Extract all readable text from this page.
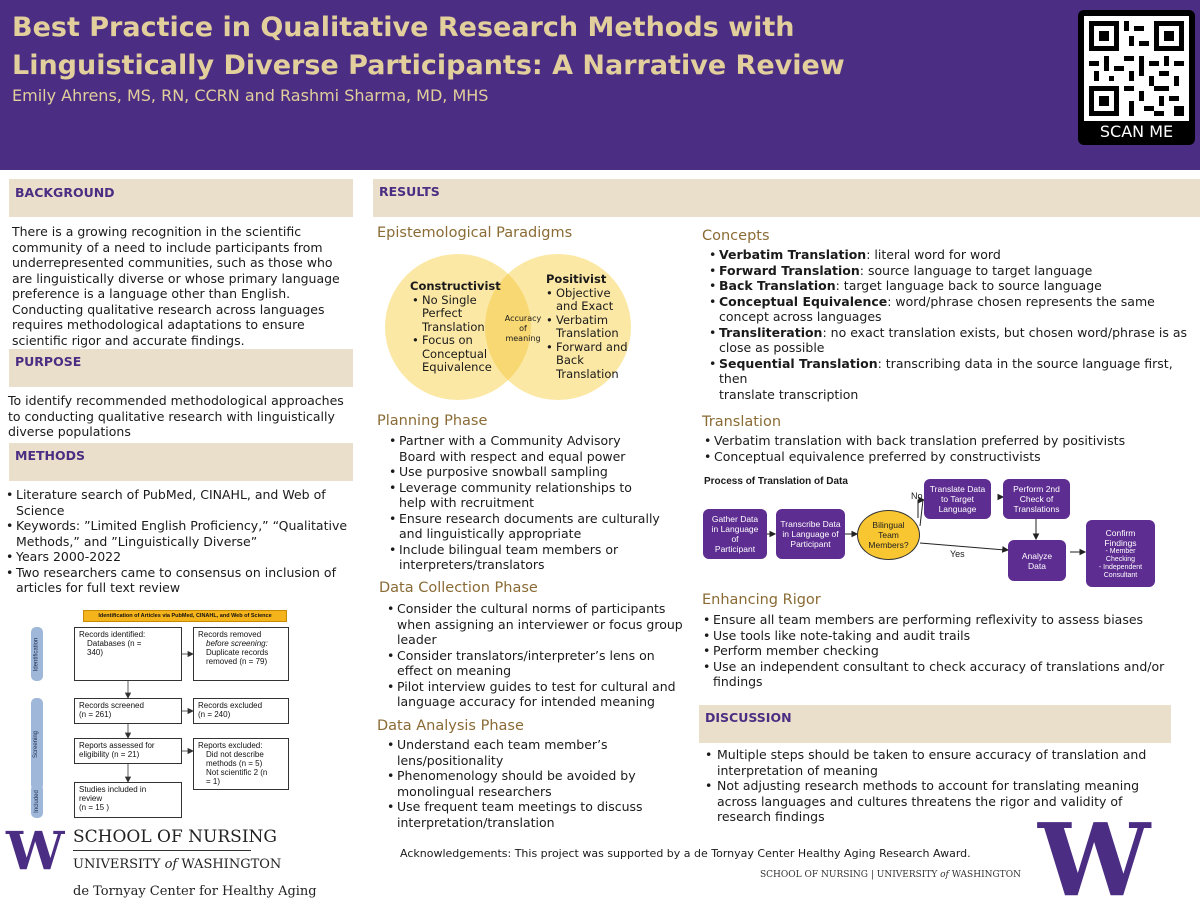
Best Practice in Qualitative Research Methods with
Linguistically Diverse Participants: A Narrative Review
Emily Ahrens, MS, RN, CCRN and Rashmi Sharma, MD, MHS
SCAN ME
BACKGROUND
There is a growing recognition in the scientific
community of a need to include participants from
underrepresented communities, such as those who
are linguistically diverse or whose primary language
preference is a language other than English.
Conducting qualitative research across languages
requires methodological adaptations to ensure
scientific rigor and accurate findings.
PURPOSE
To identify recommended methodological approaches
to conducting qualitative research with linguistically
diverse populations
METHODS
• Literature search of PubMed, CINAHL, and Web of
Science
• Keywords: ”Limited English Proficiency,” “Qualitative
Methods,” and ”Linguistically Diverse”
• Years 2000-2022
• Two researchers came to consensus on inclusion of
articles for full text review
Identification of Articles via PubMed, CINAHL, and Web of Science
Identification
Screening
Included
Records identified:
Databases (n =
340)
Records removed
before screening:
Duplicate records
removed (n = 79)
Records screened
(n = 261)
Records excluded
(n = 240)
Reports assessed for
eligibility (n = 21)
Reports excluded:
Did not describe
methods (n = 5)
Not scientific 2 (n
= 1)
Studies included in
review
(n = 15 )
W SCHOOL OF NURSING
UNIVERSITY of WASHINGTON
de Tornyay Center for Healthy Aging
RESULTS
Epistemological Paradigms
Constructivist
• No Single
Perfect
Translation
• Focus on
Conceptual
Equivalence
Accuracy
of
meaning
Positivist
• Objective
and Exact
• Verbatim
Translation
• Forward and
Back
Translation
Planning Phase
• Partner with a Community Advisory
Board with respect and equal power
• Use purposive snowball sampling
• Leverage community relationships to
help with recruitment
• Ensure research documents are culturally
and linguistically appropriate
• Include bilingual team members or
interpreters/translators
Data Collection Phase
• Consider the cultural norms of participants
when assigning an interviewer or focus group
leader
• Consider translators/interpreter’s lens on
effect on meaning
• Pilot interview guides to test for cultural and
language accuracy for intended meaning
Data Analysis Phase
• Understand each team member’s
lens/positionality
• Phenomenology should be avoided by
monolingual researchers
• Use frequent team meetings to discuss
interpretation/translation
Concepts
• Verbatim Translation: literal word for word
• Forward Translation: source language to target language
• Back Translation: target language back to source language
• Conceptual Equivalence: word/phrase chosen represents the same
concept across languages
• Transliteration: no exact translation exists, but chosen word/phrase is as
close as possible
• Sequential Translation: transcribing data in the source language first, then
translate transcription
Translation
• Verbatim translation with back translation preferred by positivists
• Conceptual equivalence preferred by constructivists
Process of Translation of Data
Gather Data
in Language
of
Participant
Transcribe Data
in Language of
Participant
Bilingual
Team
Members?
No
Yes
Translate Data
to Target
Language
Perform 2nd
Check of
Translations
Analyze
Data
Confirm
Findings
- Member
Checking
- Independent
Consultant
Enhancing Rigor
• Ensure all team members are performing reflexivity to assess biases
• Use tools like note-taking and audit trails
• Perform member checking
• Use an independent consultant to check accuracy of translations and/or
findings
DISCUSSION
• Multiple steps should be taken to ensure accuracy of translation and
interpretation of meaning
• Not adjusting research methods to account for translating meaning
across languages and cultures threatens the rigor and validity of
research findings
Acknowledgements: This project was supported by a de Tornyay Center Healthy Aging Research Award.
SCHOOL OF NURSING | UNIVERSITY of WASHINGTON W
